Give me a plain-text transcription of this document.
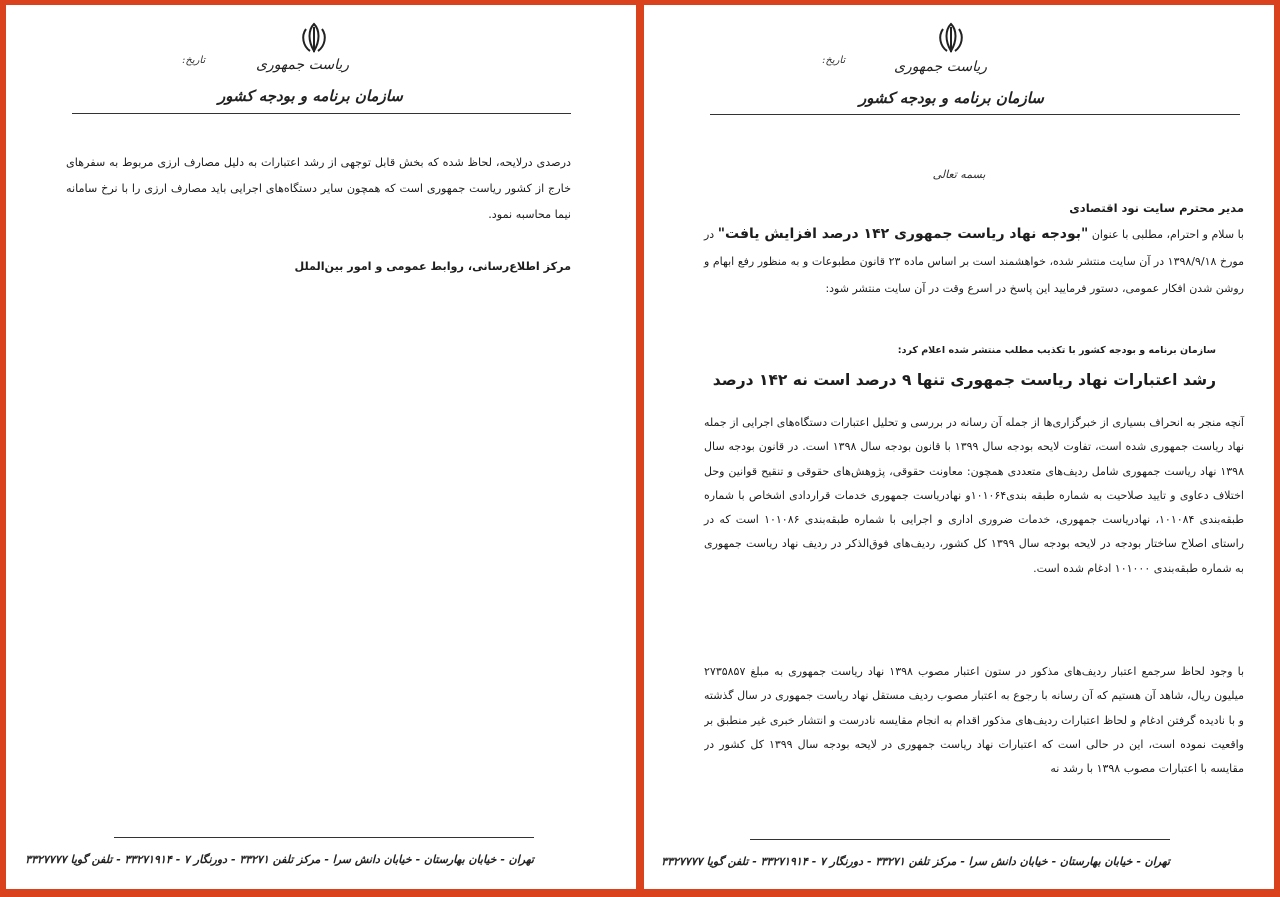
ریاست جمهوری
سازمان برنامه و بودجه کشور
تاریخ:

درصدی درلایحه، لحاظ شده که بخش قابل توجهی از رشد اعتبارات به دلیل مصارف ارزی مربوط به سفرهای خارج از کشور ریاست جمهوری است که همچون سایر دستگاه‌های اجرایی باید مصارف ارزی را با نرخ سامانه نیما محاسبه نمود.

مرکز اطلاع‌رسانی، روابط عمومی و امور بین‌الملل
تهران - خیابان بهارستان - خیابان دانش سرا - مرکز تلفن ۳۳۲۷۱ - دورنگار ۷ - ۳۳۲۷۱۹۱۴ - تلفن گویا ۳۳۲۷۷۷۷
ریاست جمهوری
سازمان برنامه و بودجه کشور
تاریخ:
بسمه تعالی
مدیر محترم سایت نود اقتصادی

با سلام و احترام، مطلبی با عنوان "بودجه نهاد ریاست جمهوری ۱۴۲ درصد افزایش یافت" در مورخ ۱۳۹۸/۹/۱۸ در آن سایت منتشر شده، خواهشمند است بر اساس ماده ۲۳ قانون مطبوعات و به منظور رفع ابهام و روشن شدن افکار عمومی، دستور فرمایید این پاسخ در اسرع وقت در آن سایت منتشر شود:

سازمان برنامه و بودجه کشور با تکذیب مطلب منتشر شده اعلام کرد:
رشد اعتبارات نهاد ریاست جمهوری تنها ۹ درصد است نه ۱۴۲ درصد

آنچه منجر به انحراف بسیاری از خبرگزاری‌ها از جمله آن رسانه در بررسی و تحلیل اعتبارات دستگاه‌های اجرایی از جمله نهاد ریاست جمهوری شده است، تفاوت لایحه بودجه سال ۱۳۹۹ با قانون بودجه سال ۱۳۹۸ است. در قانون بودجه سال ۱۳۹۸ نهاد ریاست جمهوری شامل ردیف‌های متعددی همچون: معاونت حقوقی، پژوهش‌های حقوقی و تنقیح قوانین وحل اختلاف دعاوی و تایید صلاحیت به شماره طبقه بندی۱۰۱۰۶۴و نهادریاست جمهوری خدمات قراردادی اشخاص با شماره طبقه‌بندی ۱۰۱۰۸۴، نهادریاست جمهوری، خدمات ضروری اداری و اجرایی با شماره طبقه‌بندی ۱۰۱۰۸۶ است که در راستای اصلاح ساختار بودجه در لایحه بودجه سال ۱۳۹۹ کل کشور، ردیف‌های فوق‌الذکر در ردیف نهاد ریاست جمهوری به شماره طبقه‌بندی ۱۰۱۰۰۰ ادغام شده است.

با وجود لحاظ سرجمع اعتبار ردیف‌های مذکور در ستون اعتبار مصوب ۱۳۹۸ نهاد ریاست جمهوری به مبلغ ۲۷۳۵۸۵۷ میلیون ریال، شاهد آن هستیم که آن رسانه با رجوع به اعتبار مصوب ردیف مستقل نهاد ریاست جمهوری در سال گذشته و با نادیده گرفتن ادغام و لحاظ اعتبارات ردیف‌های مذکور اقدام به انجام مقایسه نادرست و انتشار خبری غیر منطبق بر واقعیت نموده است، این در حالی است که اعتبارات نهاد ریاست جمهوری در لایحه بودجه سال ۱۳۹۹ کل کشور در مقایسه با اعتبارات مصوب ۱۳۹۸ با رشد نه

تهران - خیابان بهارستان - خیابان دانش سرا - مرکز تلفن ۳۳۲۷۱ - دورنگار ۷ - ۳۳۲۷۱۹۱۴ - تلفن گویا ۳۳۲۷۷۷۷
